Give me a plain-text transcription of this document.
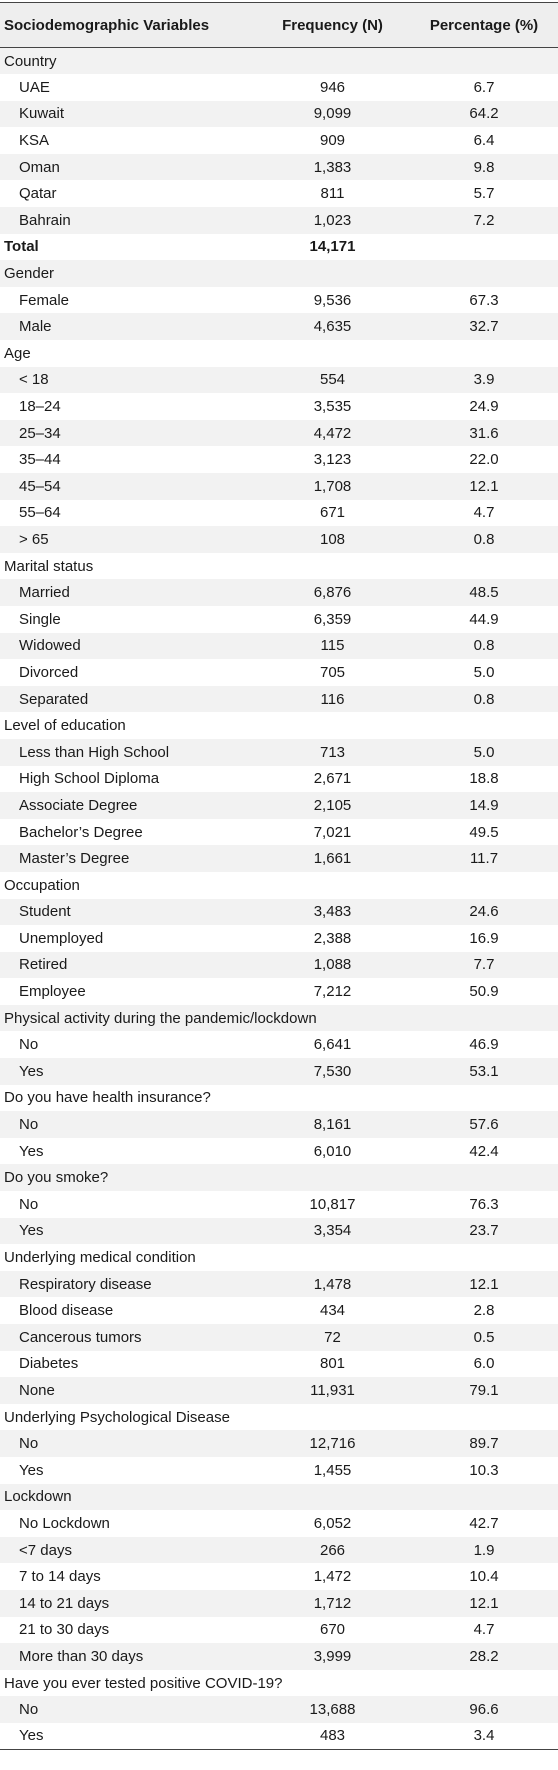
Sociodemographic Variables	Frequency (N)	Percentage (%)
Country		
UAE	946	6.7
Kuwait	9,099	64.2
KSA	909	6.4
Oman	1,383	9.8
Qatar	811	5.7
Bahrain	1,023	7.2
Total	14,171	
Gender		
Female	9,536	67.3
Male	4,635	32.7
Age		
< 18	554	3.9
18–24	3,535	24.9
25–34	4,472	31.6
35–44	3,123	22.0
45–54	1,708	12.1
55–64	671	4.7
> 65	108	0.8
Marital status		
Married	6,876	48.5
Single	6,359	44.9
Widowed	115	0.8
Divorced	705	5.0
Separated	116	0.8
Level of education		
Less than High School	713	5.0
High School Diploma	2,671	18.8
Associate Degree	2,105	14.9
Bachelor’s Degree	7,021	49.5
Master’s Degree	1,661	11.7
Occupation		
Student	3,483	24.6
Unemployed	2,388	16.9
Retired	1,088	7.7
Employee	7,212	50.9
Physical activity during the pandemic/lockdown		
No	6,641	46.9
Yes	7,530	53.1
Do you have health insurance?		
No	8,161	57.6
Yes	6,010	42.4
Do you smoke?		
No	10,817	76.3
Yes	3,354	23.7
Underlying medical condition		
Respiratory disease	1,478	12.1
Blood disease	434	2.8
Cancerous tumors	72	0.5
Diabetes	801	6.0
None	11,931	79.1
Underlying Psychological Disease		
No	12,716	89.7
Yes	1,455	10.3
Lockdown		
No Lockdown	6,052	42.7
<7 days	266	1.9
7 to 14 days	1,472	10.4
14 to 21 days	1,712	12.1
21 to 30 days	670	4.7
More than 30 days	3,999	28.2
Have you ever tested positive COVID-19?		
No	13,688	96.6
Yes	483	3.4
